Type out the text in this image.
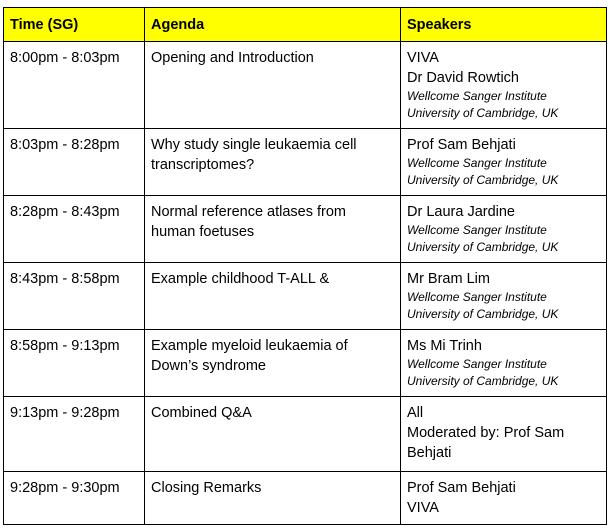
Time (SG)	Agenda	Speakers
8:00pm - 8:03pm	Opening and Introduction	VIVA
Dr David Rowtich
Wellcome Sanger Institute
University of Cambridge, UK

8:03pm - 8:28pm	Why study single leukaemia cell transcriptomes?	Prof Sam Behjati
Wellcome Sanger Institute
University of Cambridge, UK

8:28pm - 8:43pm	Normal reference atlases from human foetuses	Dr Laura Jardine
Wellcome Sanger Institute
University of Cambridge, UK

8:43pm - 8:58pm	Example childhood T-ALL &	Mr Bram Lim
Wellcome Sanger Institute
University of Cambridge, UK

8:58pm - 9:13pm	Example myeloid leukaemia of Down’s syndrome	Ms Mi Trinh
Wellcome Sanger Institute
University of Cambridge, UK

9:13pm - 9:28pm	Combined Q&A	All
Moderated by: Prof Sam Behjati

9:28pm - 9:30pm	Closing Remarks	Prof Sam Behjati
VIVA
